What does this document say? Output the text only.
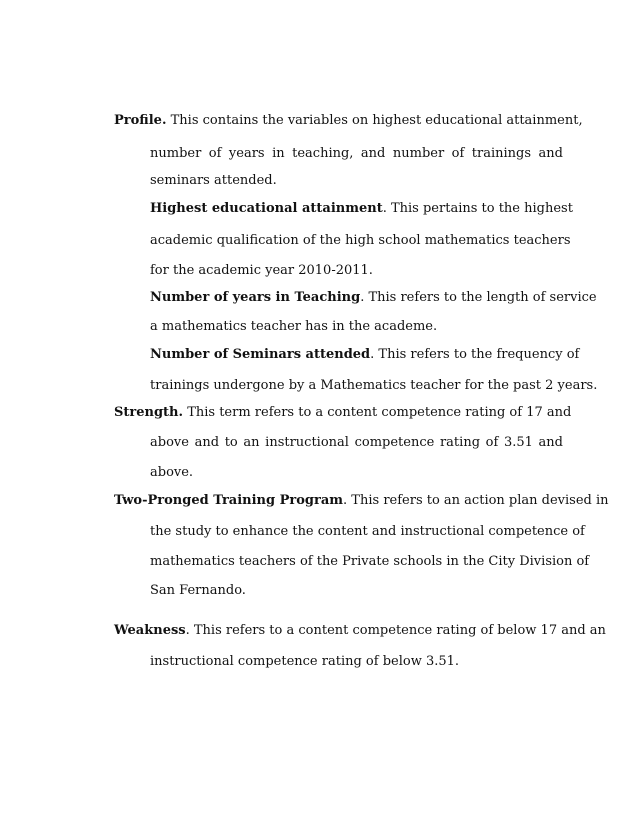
Profile. This contains the variables on highest educational attainment,
number of years in teaching, and number of trainings and
seminars attended.
Highest educational attainment. This pertains to the highest
academic qualification of the high school mathematics teachers
for the academic year 2010-2011.
Number of years in Teaching. This refers to the length of service
a mathematics teacher has in the academe.
Number of Seminars attended. This refers to the frequency of
trainings undergone by a Mathematics teacher for the past 2 years.
Strength. This term refers to a content competence rating of 17 and
above and to an instructional competence rating of 3.51 and
above.
Two-Pronged Training Program. This refers to an action plan devised in
the study to enhance the content and instructional competence of
mathematics teachers of the Private schools in the City Division of
San Fernando.
Weakness. This refers to a content competence rating of below 17 and an
instructional competence rating of below 3.51.
